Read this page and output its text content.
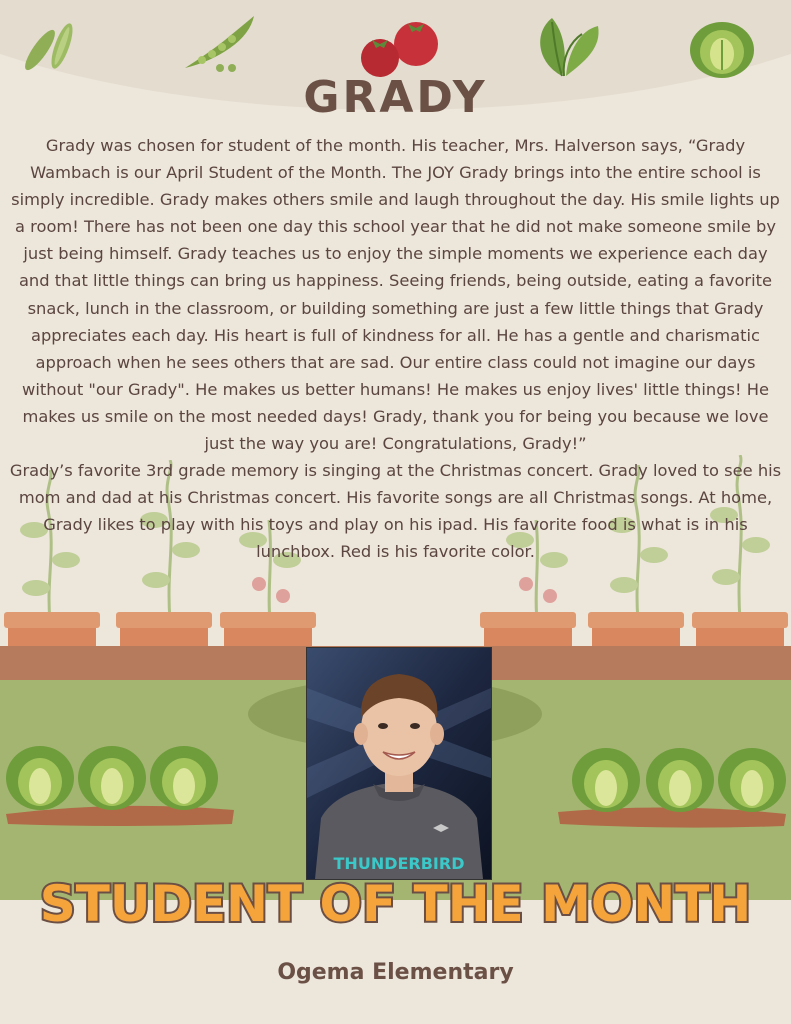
GRADY
THUNDERBIRD

Grady was chosen for student of the month. His teacher, Mrs. Halverson says, “Grady Wambach is our April Student of the Month. The JOY Grady brings into the entire school is simply incredible. Grady makes others smile and laugh throughout the day. His smile lights up a room! There has not been one day this school year that he did not make someone smile by just being himself. Grady teaches us to enjoy the simple moments we experience each day and that little things can bring us happiness. Seeing friends, being outside, eating a favorite snack, lunch in the classroom, or building something are just a few little things that Grady appreciates each day. His heart is full of kindness for all. He has a gentle and charismatic approach when he sees others that are sad. Our entire class could not imagine our days without "our Grady". He makes us better humans! He makes us enjoy lives' little things! He makes us smile on the most needed days! Grady, thank you for being you because we love just the way you are! Congratulations, Grady!”

Grady’s favorite 3rd grade memory is singing at the Christmas concert. Grady loved to see his mom and dad at his Christmas concert. His favorite songs are all Christmas songs. At home, Grady likes to play with his toys and play on his ipad. His favorite food is what is in his lunchbox. Red is his favorite color.

STUDENT OF THE MONTH
Ogema Elementary
